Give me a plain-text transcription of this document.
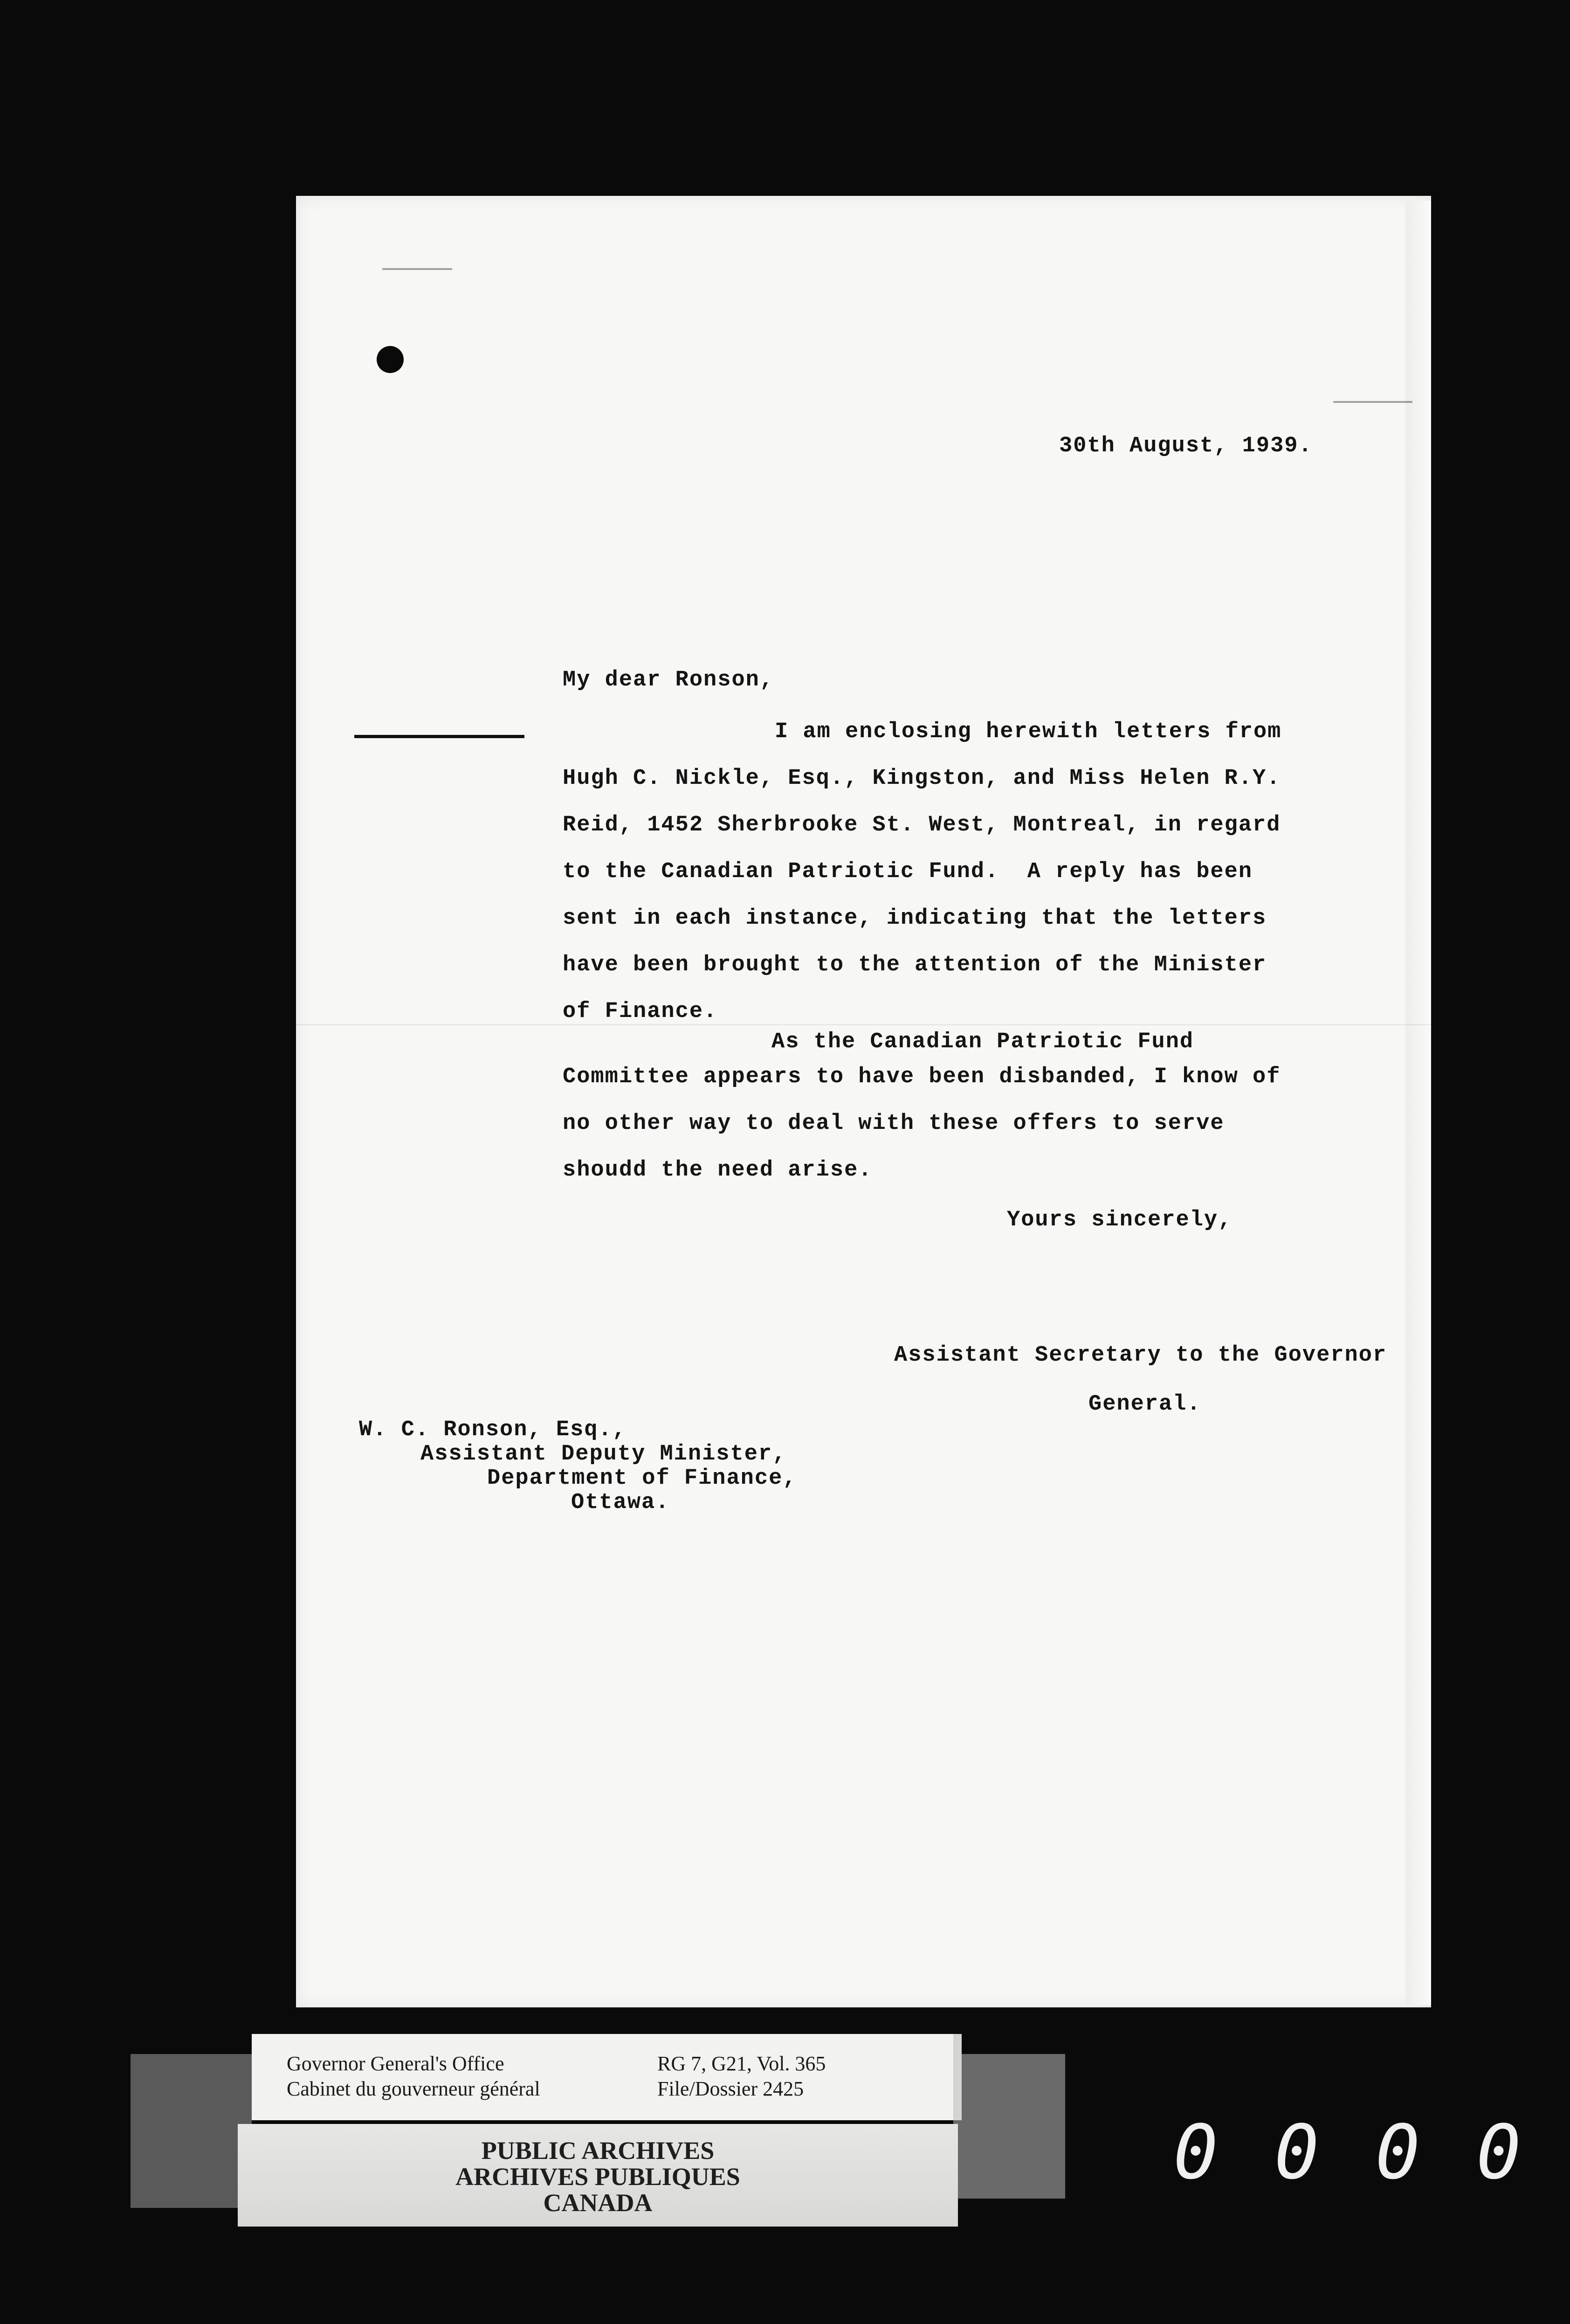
30th August, 1939.

My dear Ronson,

I am enclosing herewith letters from

Hugh C. Nickle, Esq., Kingston, and Miss Helen R.Y.

Reid, 1452 Sherbrooke St. West, Montreal, in regard

to the Canadian Patriotic Fund.  A reply has been

sent in each instance, indicating that the letters

have been brought to the attention of the Minister

of Finance.

As the Canadian Patriotic Fund

Committee appears to have been disbanded, I know of

no other way to deal with these offers to serve

shoudd the need arise.

Yours sincerely,

Assistant Secretary to the Governor

General.

W. C. Ronson, Esq.,

Assistant Deputy Minister,

Department of Finance,

Ottawa.

Governor General's Office

Cabinet du gouverneur général

RG 7, G21, Vol. 365

File/Dossier 2425

PUBLIC ARCHIVES

ARCHIVES PUBLIQUES

CANADA

0 0 0 0
